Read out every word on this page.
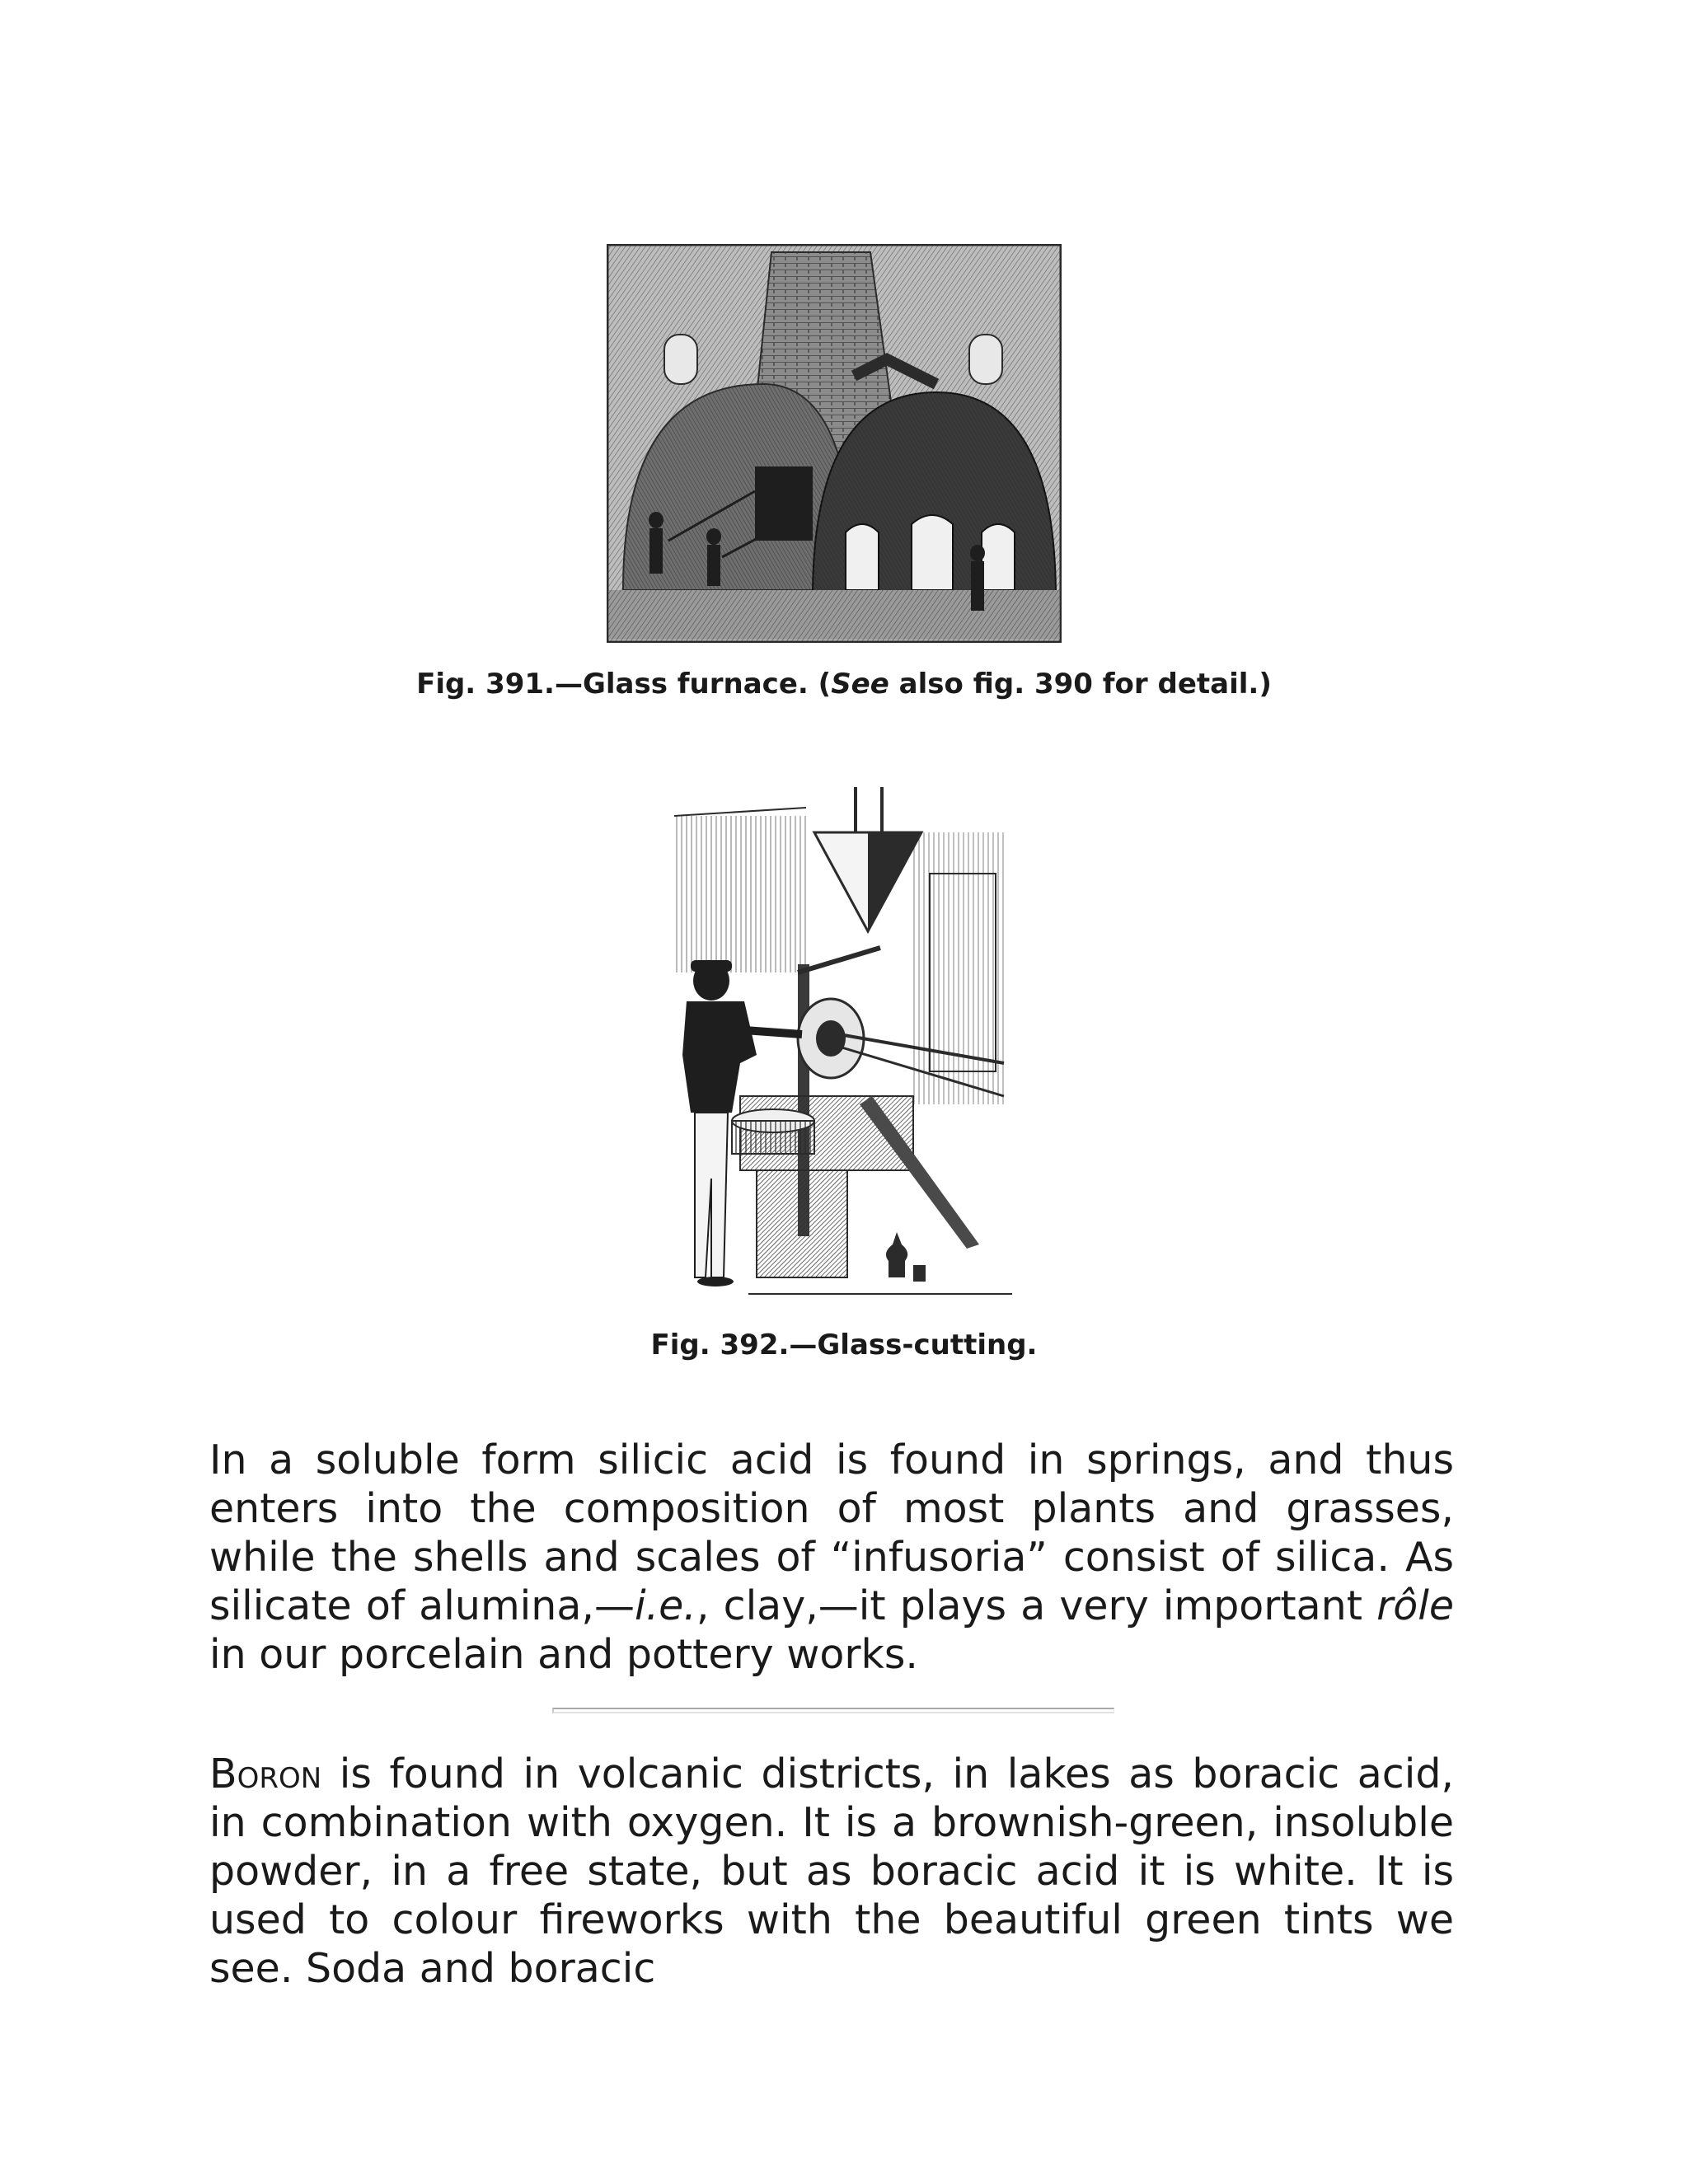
Fig. 391.—Glass furnace. (See also fig. 390 for detail.)
Fig. 392.—Glass-cutting.

In a soluble form silicic acid is found in springs, and thus enters into the composition of most plants and grasses, while the shells and scales of “infusoria” consist of silica. As silicate of alumina,—i.e., clay,—it plays a very important rôle in our porcelain and pottery works.

Boron is found in volcanic districts, in lakes as boracic acid, in combination with oxygen. It is a brownish-green, insoluble powder, in a free state, but as boracic acid it is white. It is used to colour fireworks with the beautiful green tints we see. Soda and boracic
